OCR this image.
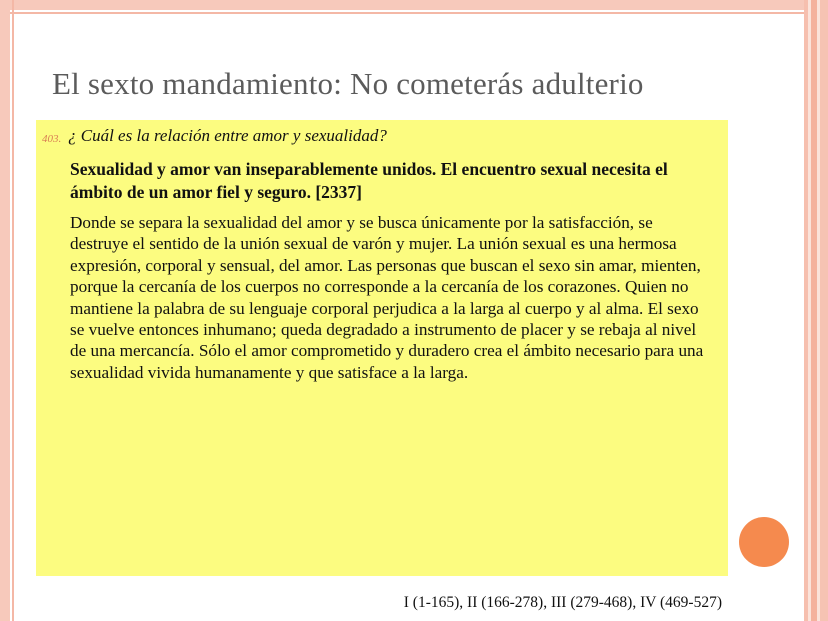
El sexto mandamiento: No cometerás adulterio
403. ¿ Cuál es la relación entre amor y sexualidad?
Sexualidad y amor van inseparablemente unidos. El encuentro sexual necesita el ámbito de un amor fiel y seguro. [2337]
Donde se separa la sexualidad del amor y se busca únicamente por la satisfacción, se destruye el sentido de la unión sexual de varón y mujer. La unión sexual es una hermosa expresión, corporal y sensual, del amor. Las personas que buscan el sexo sin amar, mienten, porque la cercanía de los cuerpos no corresponde a la cercanía de los corazones. Quien no mantiene la palabra de su lenguaje corporal perjudica a la larga al cuerpo y al alma. El sexo se vuelve entonces inhumano; queda degradado a instrumento de placer y se rebaja al nivel de una mercancía. Sólo el amor comprometido y duradero crea el ámbito necesario para una sexualidad vivida humanamente y que satisface a la larga.
I (1-165), II (166-278), III (279-468), IV (469-527)
